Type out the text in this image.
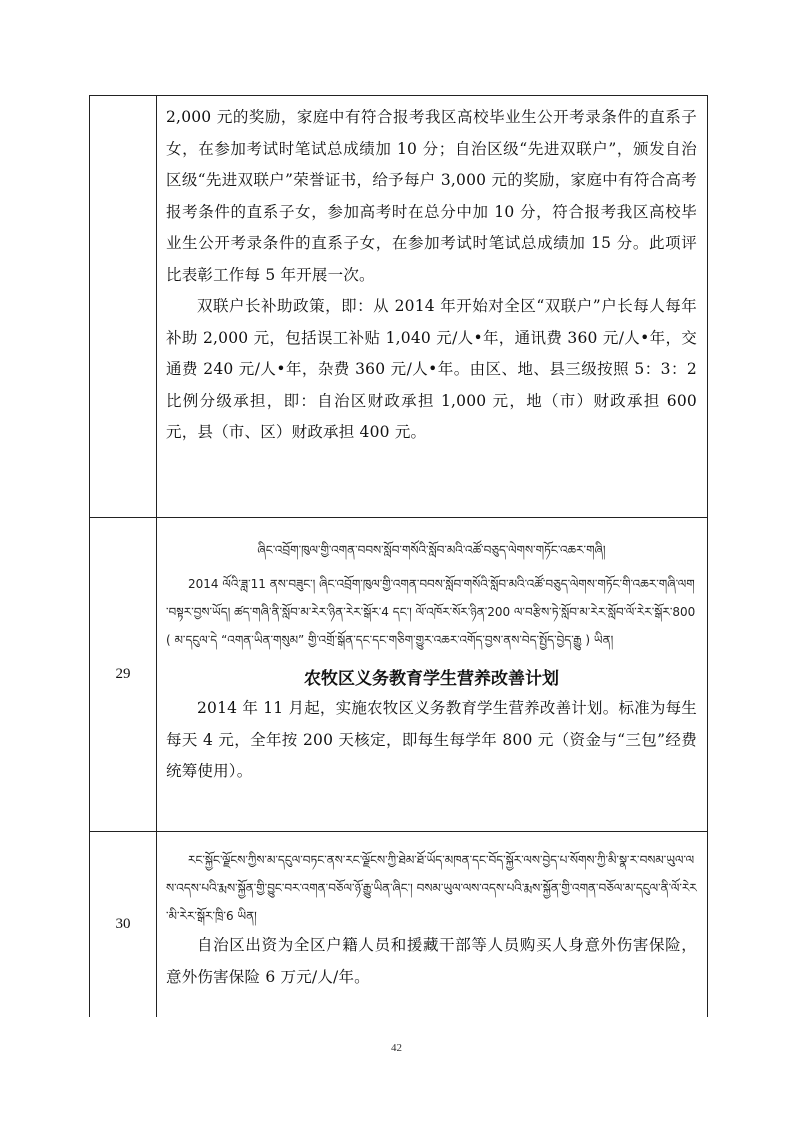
2,000 元的奖励，家庭中有符合报考我区高校毕业生公开考录条件的直系子女，在参加考试时笔试总成绩加 10 分；自治区级“先进双联户”，颁发自治区级“先进双联户”荣誉证书，给予每户 3,000 元的奖励，家庭中有符合高考报考条件的直系子女，参加高考时在总分中加 10 分，符合报考我区高校毕业生公开考录条件的直系子女，在参加考试时笔试总成绩加 15 分。此项评比表彰工作每 5 年开展一次。

双联户长补助政策，即：从 2014 年开始对全区“双联户”户长每人每年补助 2,000 元，包括误工补贴 1,040 元/人•年，通讯费 360 元/人•年，交通费 240 元/人•年，杂费 360 元/人•年。由区、地、县三级按照 5：3：2 比例分级承担，即：自治区财政承担 1,000 元，地（市）财政承担 600 元，县（市、区）财政承担 400 元。

29

ཞིང་འབྲོག་ཁུལ་གྱི་འགན་བབས་སློབ་གསོའི་སློབ་མའི་འཚོ་བཅུད་ལེགས་གཏོང་འཆར་གཞི།

2014 ལོའི་ཟླ་11 ནས་བཟུང་། ཞིང་འབྲོག་ཁུལ་གྱི་འགན་བབས་སློབ་གསོའི་སློབ་མའི་འཚོ་བཅུད་ལེགས་གཏོང་གི་འཆར་གཞི་ལག་བསྟར་བྱས་ཡོད། ཚད་གཞི་ནི་སློབ་མ་རེར་ཉིན་རེར་སྒོར་4 དང་། ལོ་འཁོར་སོར་ཉིན་200 ལ་བརྩིས་ཏེ་སློབ་མ་རེར་སློབ་ལོ་རེར་སྒོར་800 ( མ་དངུལ་དེ “འགན་ཡིན་གསུམ” གྱི་འགྲོ་སྒོན་དང་དང་གཅིག་གྱུར་འཆར་འགོད་བྱས་ནས་བེད་སྤྱོད་བྱེད་རྒྱུ ) ཡིན།

农牧区义务教育学生营养改善计划

2014 年 11 月起，实施农牧区义务教育学生营养改善计划。标准为每生每天 4 元，全年按 200 天核定，即每生每学年 800 元（资金与“三包”经费统筹使用）。

30

རང་སྐྱོང་ལྗོངས་ཀྱིས་མ་དངུལ་བཏང་ནས་རང་ལྗོངས་ཀྱི་ཐེམ་ཐོ་ཡོད་མཁན་དང་བོད་སྐྱོར་ལས་བྱེད་པ་སོགས་ཀྱི་མི་སྣ་ར་བསམ་ཡུལ་ལས་འདས་པའི་རྨས་སྐྱོན་གྱི་བྱུང་བར་འགན་བཅོལ་ཉོ་རྒྱུ་ཡིན་ཞིང་། བསམ་ཡུལ་ལས་འདས་པའི་རྨས་སྐྱོན་གྱི་འགན་བཅོལ་མ་དངུལ་ནི་ལོ་རེར་མི་རེར་སྒོར་ཁྲི་6 ཡིན།

自治区出资为全区户籍人员和援藏干部等人员购买人身意外伤害保险，意外伤害保险 6 万元/人/年。

42
